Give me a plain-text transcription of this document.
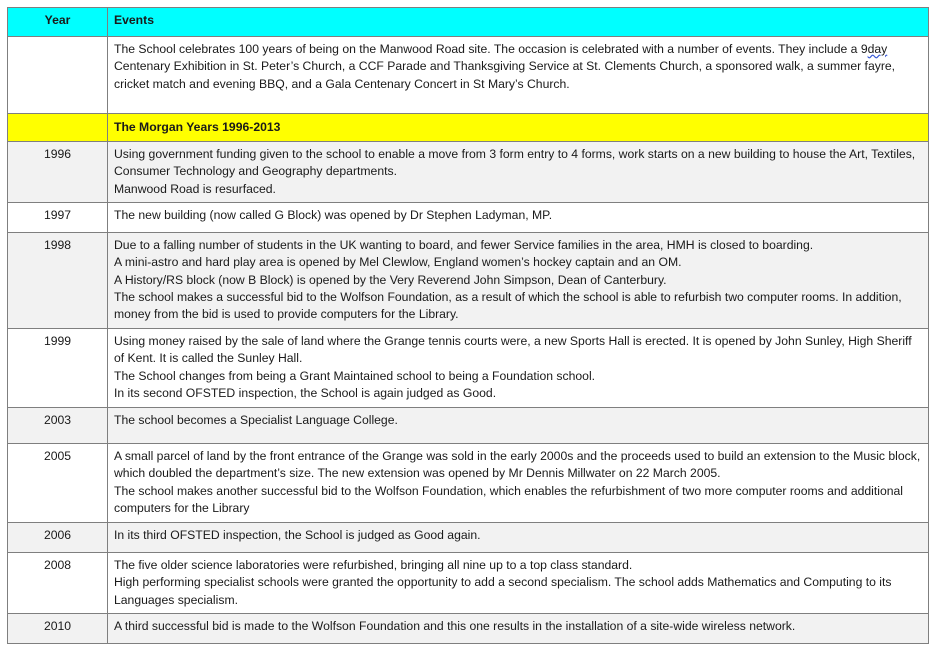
Year	Events
	The School celebrates 100 years of being on the Manwood Road site. The occasion is celebrated with a number of events. They include a 9day Centenary Exhibition in St. Peter’s Church, a CCF Parade and Thanksgiving Service at St. Clements Church, a sponsored walk, a summer fayre, cricket match and evening BBQ, and a Gala Centenary Concert in St Mary’s Church.
	The Morgan Years 1996-2013
1996	Using government funding given to the school to enable a move from 3 form entry to 4 forms, work starts on a new building to house the Art, Textiles, Consumer Technology and Geography departments.
Manwood Road is resurfaced.

1997	The new building (now called G Block) was opened by Dr Stephen Ladyman, MP.

1998	Due to a falling number of students in the UK wanting to board, and fewer Service families in the area, HMH is closed to boarding.
A mini-astro and hard play area is opened by Mel Clewlow, England women’s hockey captain and an OM.
A History/RS block (now B Block) is opened by the Very Reverend John Simpson, Dean of Canterbury.
The school makes a successful bid to the Wolfson Foundation, as a result of which the school is able to refurbish two computer rooms. In addition, money from the bid is used to provide computers for the Library.

1999	Using money raised by the sale of land where the Grange tennis courts were, a new Sports Hall is erected. It is opened by John Sunley, High Sheriff of Kent. It is called the Sunley Hall.
The School changes from being a Grant Maintained school to being a Foundation school.
In its second OFSTED inspection, the School is again judged as Good.

2003	The school becomes a Specialist Language College.

2005	A small parcel of land by the front entrance of the Grange was sold in the early 2000s and the proceeds used to build an extension to the Music block, which doubled the department’s size. The new extension was opened by Mr Dennis Millwater on 22 March 2005.
The school makes another successful bid to the Wolfson Foundation, which enables the refurbishment of two more computer rooms and additional computers for the Library

2006	In its third OFSTED inspection, the School is judged as Good again.

2008	The five older science laboratories were refurbished, bringing all nine up to a top class standard.
High performing specialist schools were granted the opportunity to add a second specialism. The school adds Mathematics and Computing to its Languages specialism.

2010	A third successful bid is made to the Wolfson Foundation and this one results in the installation of a site-wide wireless network.
